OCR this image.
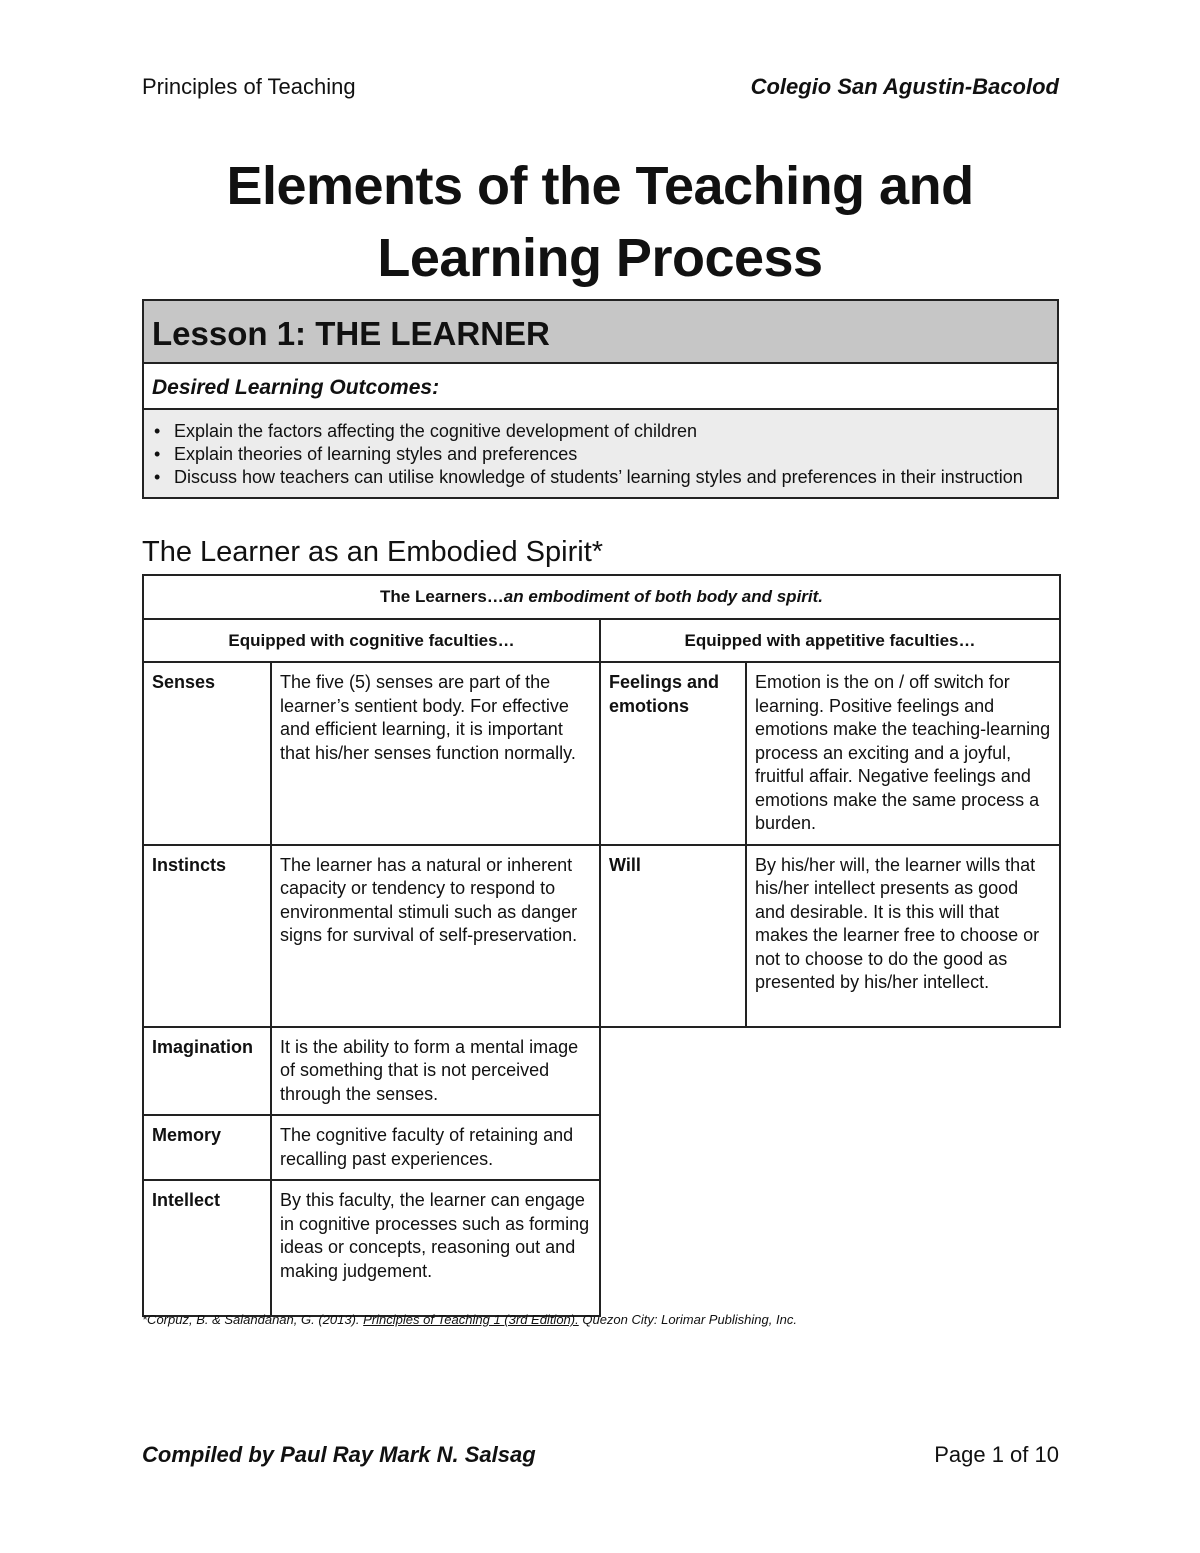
Principles of Teaching	Colegio San Agustin-Bacolod
Elements of the Teaching and
Learning Process
Lesson 1: THE LEARNER
Desired Learning Outcomes:
• Explain the factors affecting the cognitive development of children
• Explain theories of learning styles and preferences
• Discuss how teachers can utilise knowledge of students’ learning styles and preferences in their instruction
The Learner as an Embodied Spirit*
The Learners…an embodiment of both body and spirit.			
Equipped with cognitive faculties…		Equipped with appetitive faculties…	
Senses	The five (5) senses are part of the learner’s sentient body. For effective and efficient learning, it is important that his/her senses function normally.	Feelings and emotions	Emotion is the on / off switch for learning. Positive feelings and emotions make the teaching-learning process an exciting and a joyful, fruitful affair. Negative feelings and emotions make the same process a burden.
Instincts	The learner has a natural or inherent capacity or tendency to respond to environmental stimuli such as danger signs for survival of self-preservation.	Will	By his/her will, the learner wills that his/her intellect presents as good and desirable. It is this will that makes the learner free to choose or not to choose to do the good as presented by his/her intellect.
Imagination	It is the ability to form a mental image of something that is not perceived through the senses.		
Memory	The cognitive faculty of retaining and recalling past experiences.		
Intellect	By this faculty, the learner can engage in cognitive processes such as forming ideas or concepts, reasoning out and making judgement.		
*Corpuz, B. & Salandanan, G. (2013). Principles of Teaching 1 (3rd Edition). Quezon City: Lorimar Publishing, Inc.
Compiled by Paul Ray Mark N. Salsag	Page 1 of 10
